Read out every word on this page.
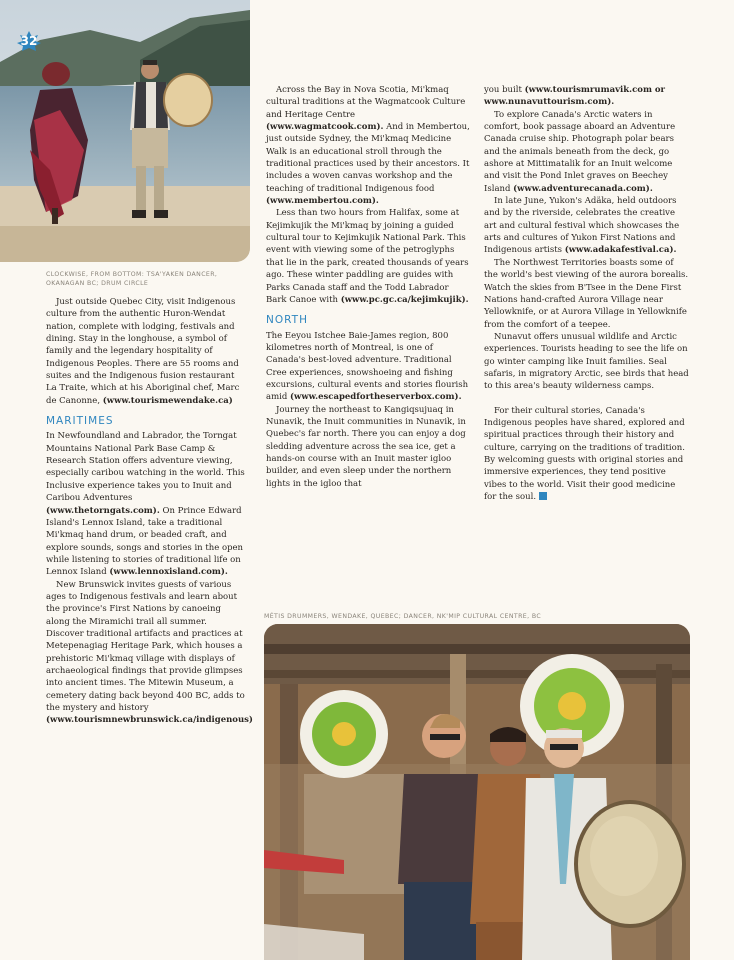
32
CLOCKWISE, FROM BOTTOM: TSA'YAKEN DANCER, OKANAGAN BC; DRUM CIRCLE

Just outside Quebec City, visit Indigenous culture from the authentic Huron-Wendat nation, complete with lodging, festivals and dining. Stay in the longhouse, a symbol of family and the legendary hospitality of Indigenous Peoples. There are 55 rooms and suites and the Indigenous fusion restaurant La Traite, which at his Aboriginal chef, Marc de Canonne, (www.tourismewendake.ca)

MARITIMES

In Newfoundland and Labrador, the Torngat Mountains National Park Base Camp & Research Station offers adventure viewing, especially caribou watching in the world. This Inclusive experience takes you to Inuit and Caribou Adventures (www.thetorngats.com). On Prince Edward Island's Lennox Island, take a traditional Mi'kmaq hand drum, or beaded craft, and explore sounds, songs and stories in the open while listening to stories of traditional life on Lennox Island (www.lennoxisland.com).

New Brunswick invites guests of various ages to Indigenous festivals and learn about the province's First Nations by canoeing along the Miramichi trail all summer. Discover traditional artifacts and practices at Metepenagiag Heritage Park, which houses a prehistoric Mi'kmaq village with displays of archaeological findings that provide glimpses into ancient times. The Mitewin Museum, a cemetery dating back beyond 400 BC, adds to the mystery and history (www.tourismnewbrunswick.ca/indigenous)

Across the Bay in Nova Scotia, Mi'kmaq cultural traditions at the Wagmatcook Culture and Heritage Centre (www.wagmatcook.com). And in Membertou, just outside Sydney, the Mi'kmaq Medicine Walk is an educational stroll through the traditional practices used by their ancestors. It includes a woven canvas workshop and the teaching of traditional Indigenous food (www.membertou.com).

Less than two hours from Halifax, some at Kejimkujik the Mi'kmaq by joining a guided cultural tour to Kejimkujik National Park. This event with viewing some of the petroglyphs that lie in the park, created thousands of years ago. These winter paddling are guides with Parks Canada staff and the Todd Labrador Bark Canoe with (www.pc.gc.ca/kejimkujik).

NORTH

The Eeyou Istchee Baie-James region, 800 kilometres north of Montreal, is one of Canada's best-loved adventure. Traditional Cree experiences, snowshoeing and fishing excursions, cultural events and stories flourish amid (www.escapedfortheserverbox.com).

Journey the northeast to Kangiqsujuaq in Nunavik, the Inuit communities in Nunavik, in Quebec's far north. There you can enjoy a dog sledding adventure across the sea ice, get a hands-on course with an Inuit master igloo builder, and even sleep under the northern lights in the igloo that

you built (www.tourismrumavik.com or www.nunavuttourism.com).

To explore Canada's Arctic waters in comfort, book passage aboard an Adventure Canada cruise ship. Photograph polar bears and the animals beneath from the deck, go ashore at Mittimatalik for an Inuit welcome and visit the Pond Inlet graves on Beechey Island (www.adventurecanada.com).

In late June, Yukon's Adäka, held outdoors and by the riverside, celebrates the creative art and cultural festival which showcases the arts and cultures of Yukon First Nations and Indigenous artists (www.adakafestival.ca).

The Northwest Territories boasts some of the world's best viewing of the aurora borealis. Watch the skies from B'Tsee in the Dene First Nations hand-crafted Aurora Village near Yellowknife, or at Aurora Village in Yellowknife from the comfort of a teepee.

Nunavut offers unusual wildlife and Arctic experiences. Tourists heading to see the life on go winter camping like Inuit families. Seal safaris, in migratory Arctic, see birds that head to this area's beauty wilderness camps.

For their cultural stories, Canada's Indigenous peoples have shared, explored and spiritual practices through their history and culture, carrying on the traditions of tradition. By welcoming guests with original stories and immersive experiences, they tend positive vibes to the world. Visit their good medicine for the soul.

MÉTIS DRUMMERS, WENDAKE, QUEBEC; DANCER, NK'MIP CULTURAL CENTRE, BC
